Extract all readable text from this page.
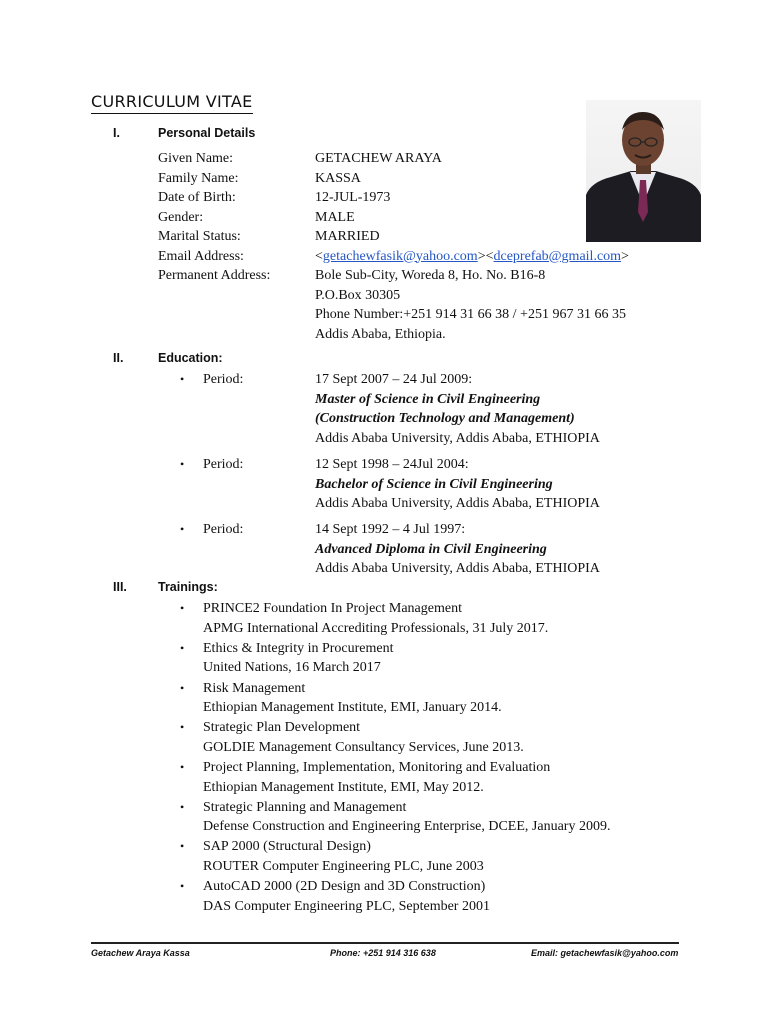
CURRICULUM VITAE
I.	Personal Details
Given Name:	GETACHEW ARAYA
Family Name:	KASSA
Date of Birth:	12-JUL-1973
Gender:	MALE
Marital Status:	MARRIED
Email Address:	<getachewfasik@yahoo.com><dceprefab@gmail.com>
Permanent Address:	Bole Sub-City, Woreda 8, Ho. No. B16-8
P.O.Box 30305
Phone Number:+251 914 31 66 38 / +251 967 31 66 35
Addis Ababa, Ethiopia.
II.	Education:
• Period:	17 Sept 2007 – 24 Jul 2009:
Master of Science in Civil Engineering
(Construction Technology and Management)
Addis Ababa University, Addis Ababa, ETHIOPIA
• Period:	12 Sept 1998 – 24Jul 2004:
Bachelor of Science in Civil Engineering
Addis Ababa University, Addis Ababa, ETHIOPIA
• Period:	14 Sept 1992 – 4 Jul 1997:
Advanced Diploma in Civil Engineering
Addis Ababa University, Addis Ababa, ETHIOPIA
III. Trainings:
• PRINCE2 Foundation In Project Management
APMG International Accrediting Professionals, 31 July 2017.
• Ethics & Integrity in Procurement
United Nations, 16 March 2017
• Risk Management
Ethiopian Management Institute, EMI, January 2014.
• Strategic Plan Development
GOLDIE Management Consultancy Services, June 2013.
• Project Planning, Implementation, Monitoring and Evaluation
Ethiopian Management Institute, EMI, May 2012.
• Strategic Planning and Management
Defense Construction and Engineering Enterprise, DCEE, January 2009.
• SAP 2000 (Structural Design)
ROUTER Computer Engineering PLC, June 2003
• AutoCAD 2000 (2D Design and 3D Construction)
DAS Computer Engineering PLC, September 2001
Getachew Araya Kassa	Phone: +251 914 316 638	Email: getachewfasik@yahoo.com
